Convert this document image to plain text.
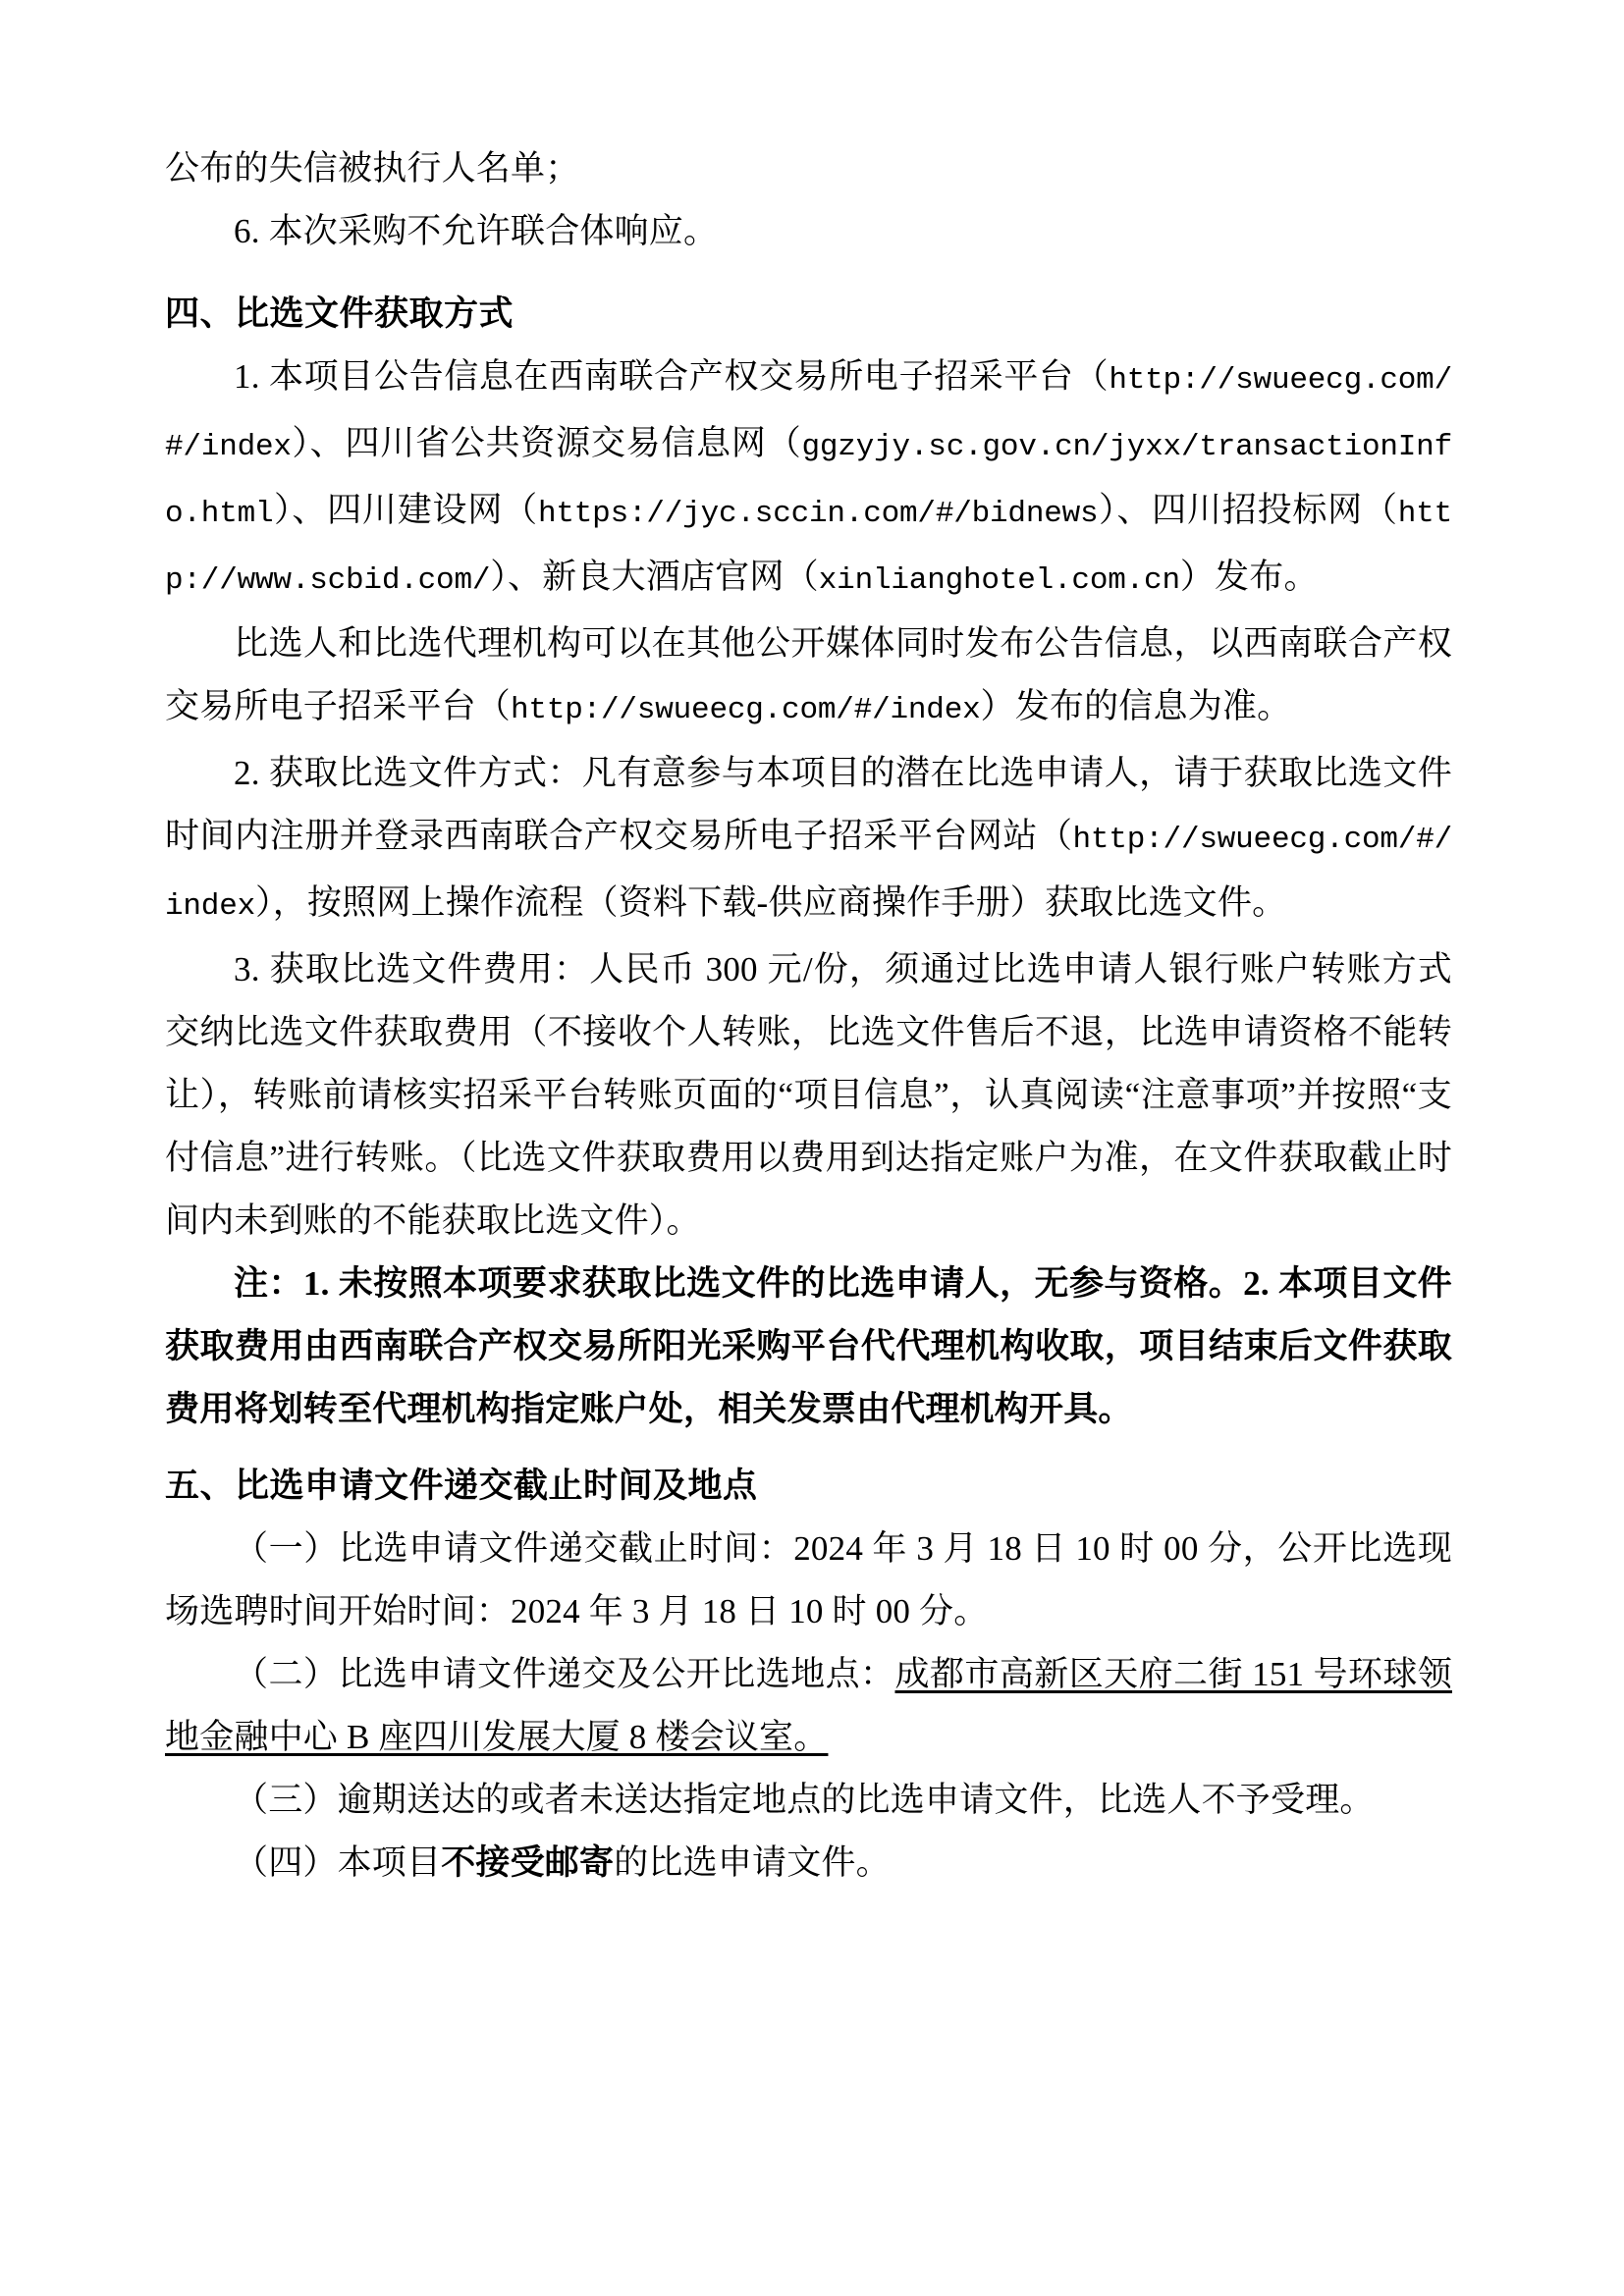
公布的失信被执行人名单；

6. 本次采购不允许联合体响应。

四、比选文件获取方式

1. 本项目公告信息在西南联合产权交易所电子招采平台（http://swueecg.com/#/index）、四川省公共资源交易信息网（ggzyjy.sc.gov.cn/jyxx/transactionInfo.html）、四川建设网（https://jyc.sccin.com/#/bidnews）、四川招投标网（http://www.scbid.com/）、新良大酒店官网（xinlianghotel.com.cn）发布。

比选人和比选代理机构可以在其他公开媒体同时发布公告信息，以西南联合产权交易所电子招采平台（http://swueecg.com/#/index）发布的信息为准。

2. 获取比选文件方式：凡有意参与本项目的潜在比选申请人，请于获取比选文件时间内注册并登录西南联合产权交易所电子招采平台网站（http://swueecg.com/#/index），按照网上操作流程（资料下载-供应商操作手册）获取比选文件。

3. 获取比选文件费用：人民币 300 元/份，须通过比选申请人银行账户转账方式交纳比选文件获取费用（不接收个人转账，比选文件售后不退，比选申请资格不能转让），转账前请核实招采平台转账页面的“项目信息”，认真阅读“注意事项”并按照“支付信息”进行转账。（比选文件获取费用以费用到达指定账户为准，在文件获取截止时间内未到账的不能获取比选文件）。

注：1. 未按照本项要求获取比选文件的比选申请人，无参与资格。2. 本项目文件获取费用由西南联合产权交易所阳光采购平台代代理机构收取，项目结束后文件获取费用将划转至代理机构指定账户处，相关发票由代理机构开具。

五、比选申请文件递交截止时间及地点

（一）比选申请文件递交截止时间：2024 年 3 月 18 日 10 时 00 分，公开比选现场选聘时间开始时间：2024 年 3 月 18 日 10 时 00 分。

（二）比选申请文件递交及公开比选地点：成都市高新区天府二街 151 号环球领地金融中心 B 座四川发展大厦 8 楼会议室。

（三）逾期送达的或者未送达指定地点的比选申请文件，比选人不予受理。

（四）本项目不接受邮寄的比选申请文件。
